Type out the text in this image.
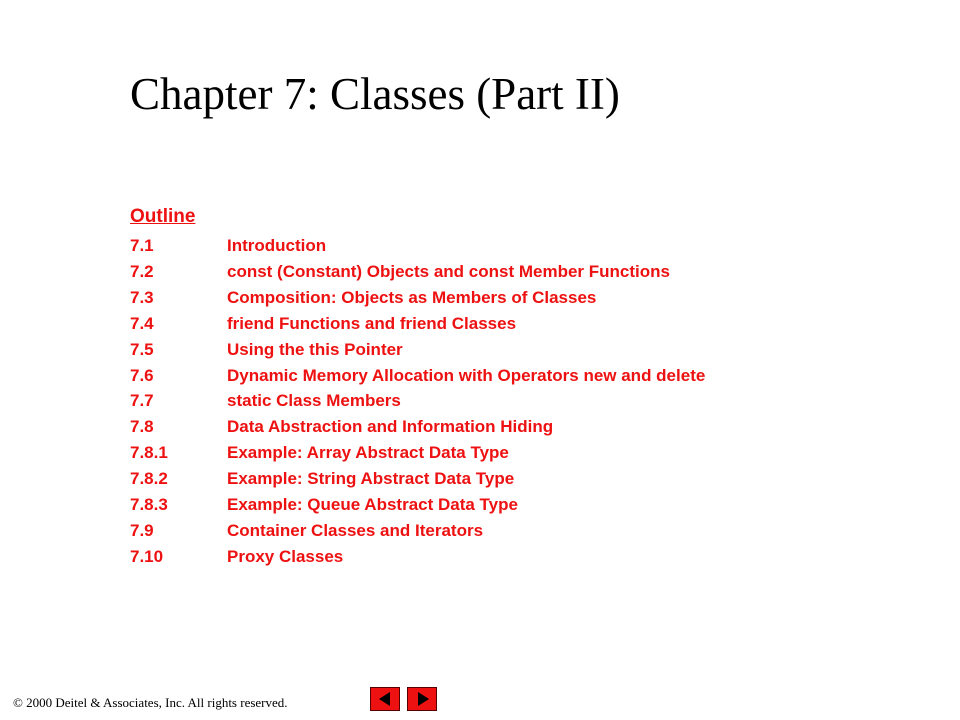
Chapter 7: Classes (Part II)
Outline
7.1	Introduction
7.2	const (Constant) Objects and const Member Functions
7.3	Composition: Objects as Members of Classes
7.4	friend Functions and friend Classes
7.5	Using the this Pointer
7.6	Dynamic Memory Allocation with Operators new and delete
7.7	static Class Members
7.8	Data Abstraction and Information Hiding
7.8.1	Example: Array Abstract Data Type
7.8.2	Example: String Abstract Data Type
7.8.3	Example: Queue Abstract Data Type
7.9	Container Classes and Iterators
7.10	Proxy Classes
© 2000 Deitel & Associates, Inc. All rights reserved.
